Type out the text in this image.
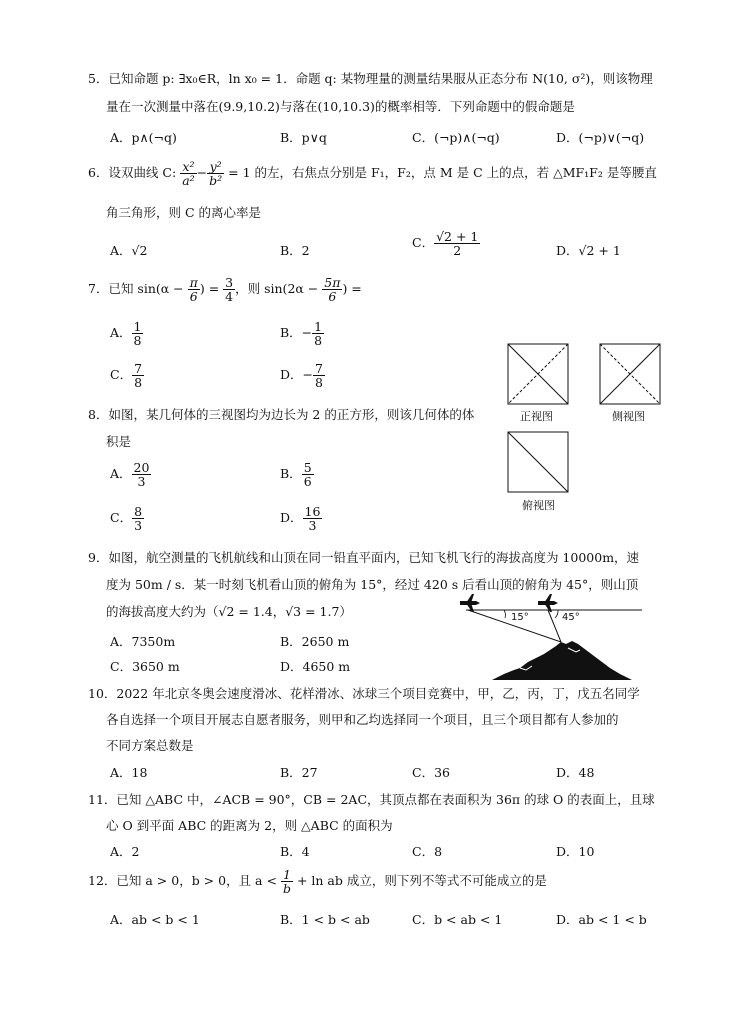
5．已知命题 p: ∃x₀∈R，ln x₀ = 1．命题 q: 某物理量的测量结果服从正态分布 N(10, σ²)，则该物理
量在一次测量中落在(9.9,10.2)与落在(10,10.3)的概率相等．下列命题中的假命题是
A．p∧(¬q)	B．p∨q	C．(¬p)∧(¬q)	D．(¬p)∨(¬q)
6．设双曲线 C: $\frac{\text{x²}}{\text{a²}} - \frac{\text{y²}}{\text{b²}} = 1$ 的左，右焦点分别是 F₁，F₂，点 M 是 C 上的点，若 △MF₁F₂ 是等腰直
角三角形，则 C 的离心率是
A．√2	B．2
C． $\frac{√2 + 1}{2}$	D．√2 + 1
7．已知 $\sin(\alpha - \frac{\pi}{6}$ ) = $\frac{3}{4}$ ，则 $\sin(2\alpha - \frac{5\pi}{6}$ ) =
A． $\frac{1}{8}$	B．− $\frac{1}{8}$
C． $\frac{7}{8}$	D．− $\frac{7}{8}$
正视图	侧视图
俯视图
8．如图，某几何体的三视图均为边长为 2 的正方形，则该几何体的体
积是
A． $\frac{20}{3}$	B． $\frac{5}{6}$
C． $\frac{8}{3}$	D． $\frac{16}{3}$
9．如图，航空测量的飞机航线和山顶在同一铅直平面内，已知飞机飞行的海拔高度为 10000m，速
度为 50m / s．某一时刻飞机看山顶的俯角为 15°，经过 420 s 后看山顶的俯角为 45°，则山顶
的海拔高度大约为（√2 = 1.4，√3 = 1.7）
A．7350m	B．2650 m
C．3650 m	D．4650 m
15°	45°
10．2022 年北京冬奥会速度滑冰、花样滑冰、冰球三个项目竞赛中，甲，乙，丙，丁，戊五名同学
各自选择一个项目开展志自愿者服务，则甲和乙均选择同一个项目，且三个项目都有人参加的
不同方案总数是
A．18	B．27	C．36	D．48
11．已知 △ABC 中，∠ACB = 90°，CB = 2AC，其顶点都在表面积为 36π 的球 O 的表面上，且球
心 O 到平面 ABC 的距离为 2，则 △ABC 的面积为
A．2	B．4	C．8	D．10
12．已知 a > 0，b > 0，且 $a < \frac{1}{b} + \ln$ ab 成立，则下列不等式不可能成立的是
A．ab < b < 1	B．1 < b < ab	C．b < ab < 1	D．ab < 1 < b
